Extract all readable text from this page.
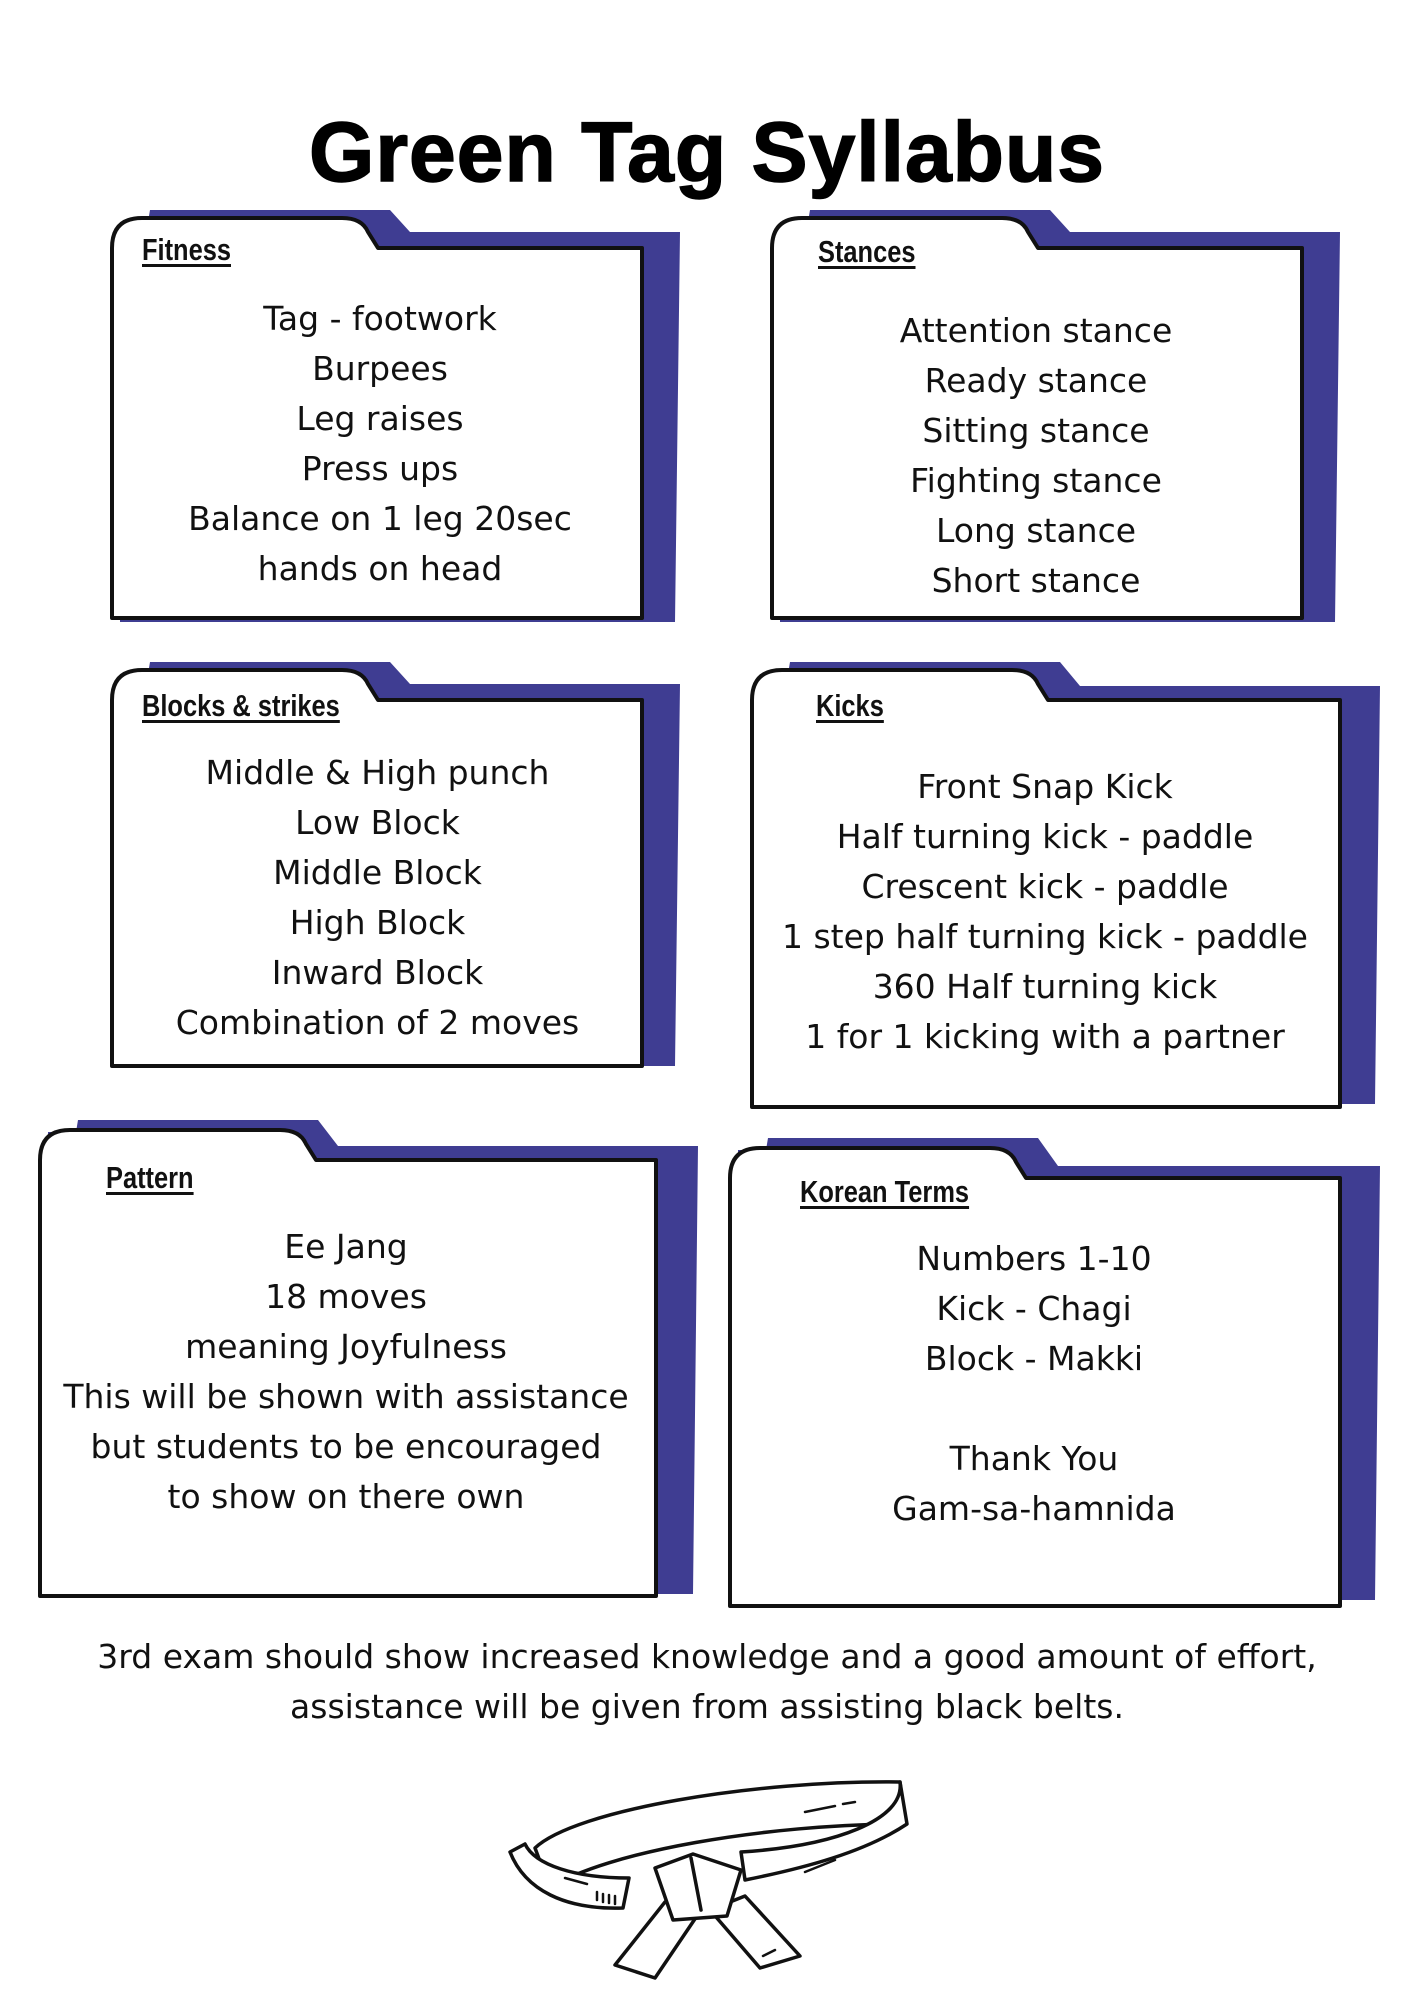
Green Tag Syllabus
Fitness
Tag - footwork
Burpees
Leg raises
Press ups
Balance on 1 leg 20sec
hands on head
Stances
Attention stance
Ready stance
Sitting stance
Fighting stance
Long stance
Short stance
Blocks & strikes
Middle & High punch
Low Block
Middle Block
High Block
Inward Block
Combination of 2 moves
Kicks
Front Snap Kick
Half turning kick - paddle
Crescent kick - paddle
1 step half turning kick - paddle
360 Half turning kick
1 for 1 kicking with a partner
Pattern
Ee Jang
18 moves
meaning Joyfulness
This will be shown with assistance
but students to be encouraged
to show on there own
Korean Terms
Numbers 1-10
Kick - Chagi
Block - Makki
Thank You
Gam-sa-hamnida

3rd exam should show increased knowledge and a good amount of effort, assistance will be given from assisting black belts.
